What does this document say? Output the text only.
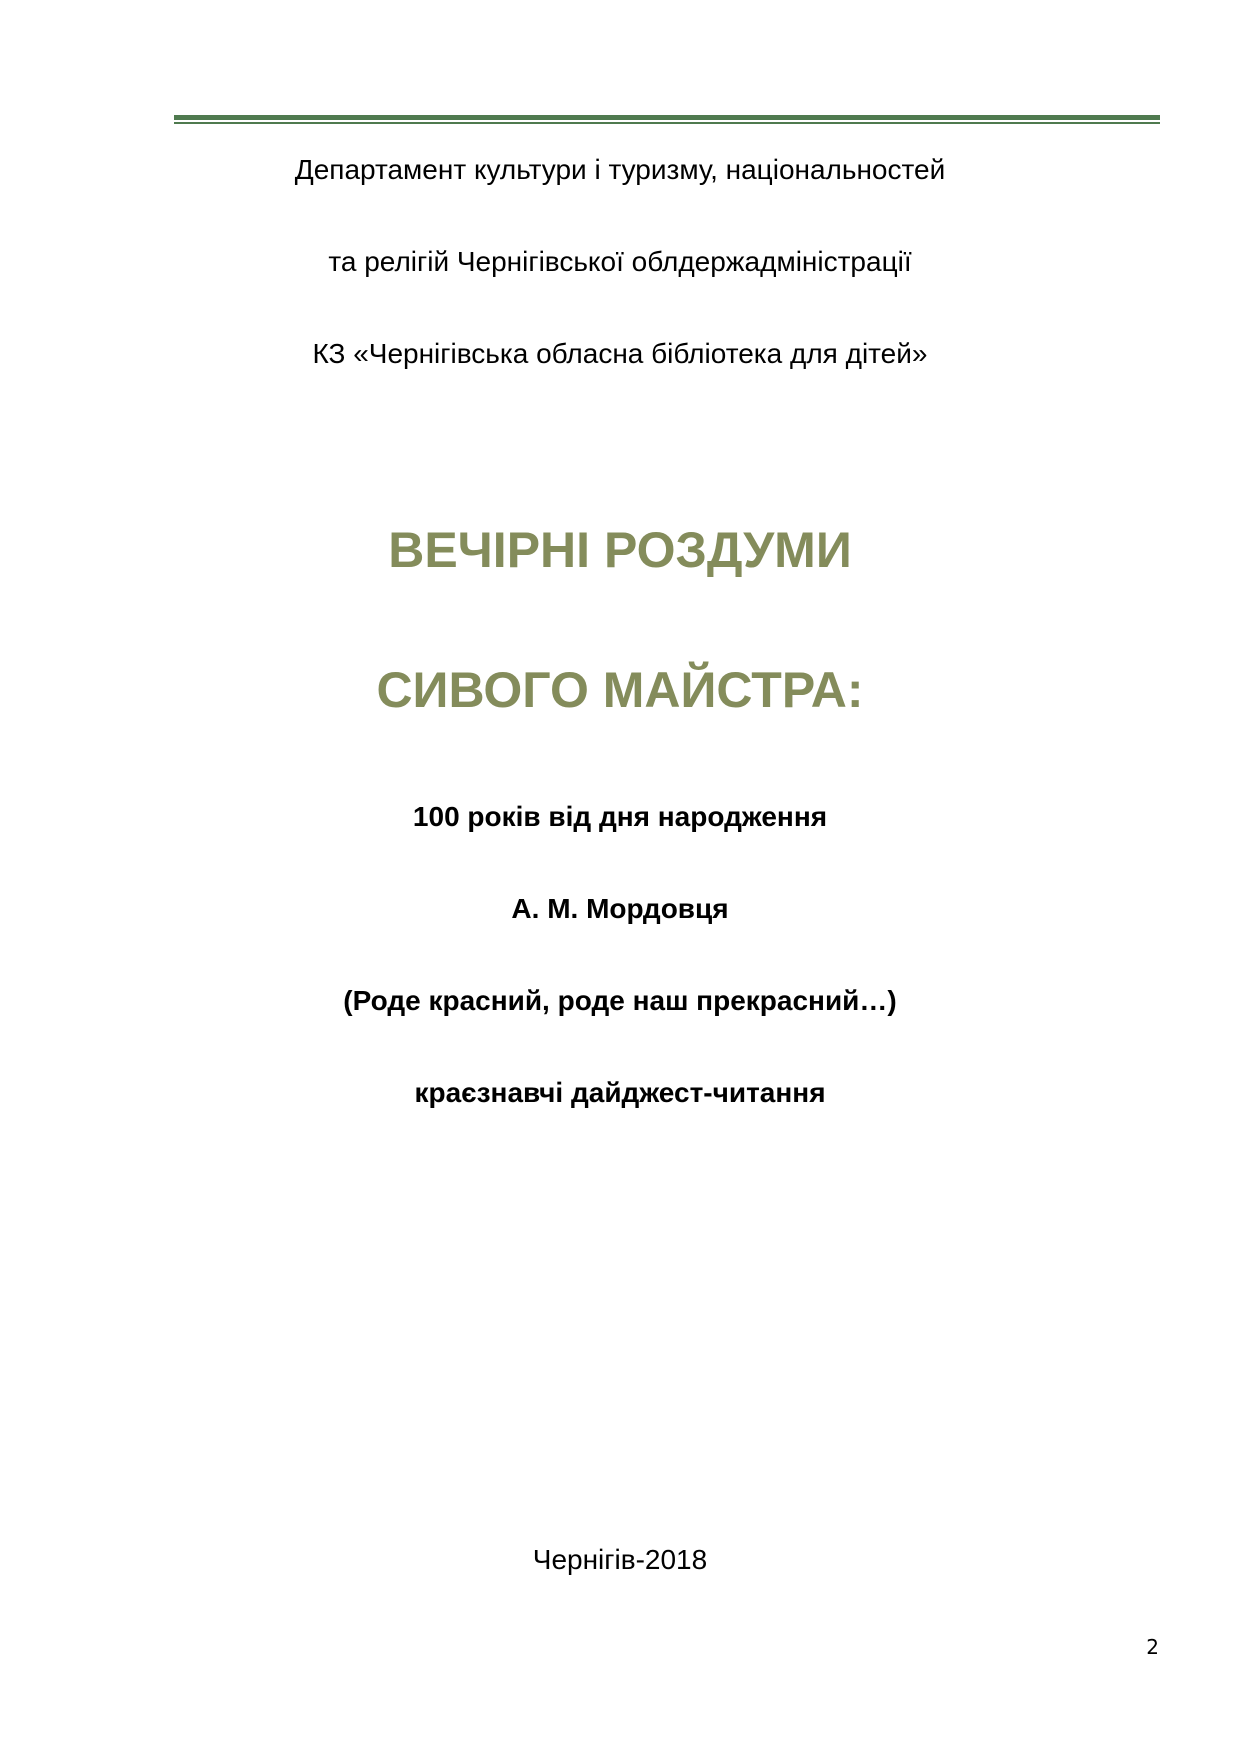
Департамент культури і туризму, національностей
та релігій Чернігівської облдержадміністрації
КЗ «Чернігівська обласна бібліотека для дітей»
ВЕЧІРНІ РОЗДУМИ
СИВОГО МАЙСТРА:
100 років від дня народження
А. М. Мордовця
(Роде красний, роде наш прекрасний…)
краєзнавчі дайджест-читання
Чернігів-2018
2
